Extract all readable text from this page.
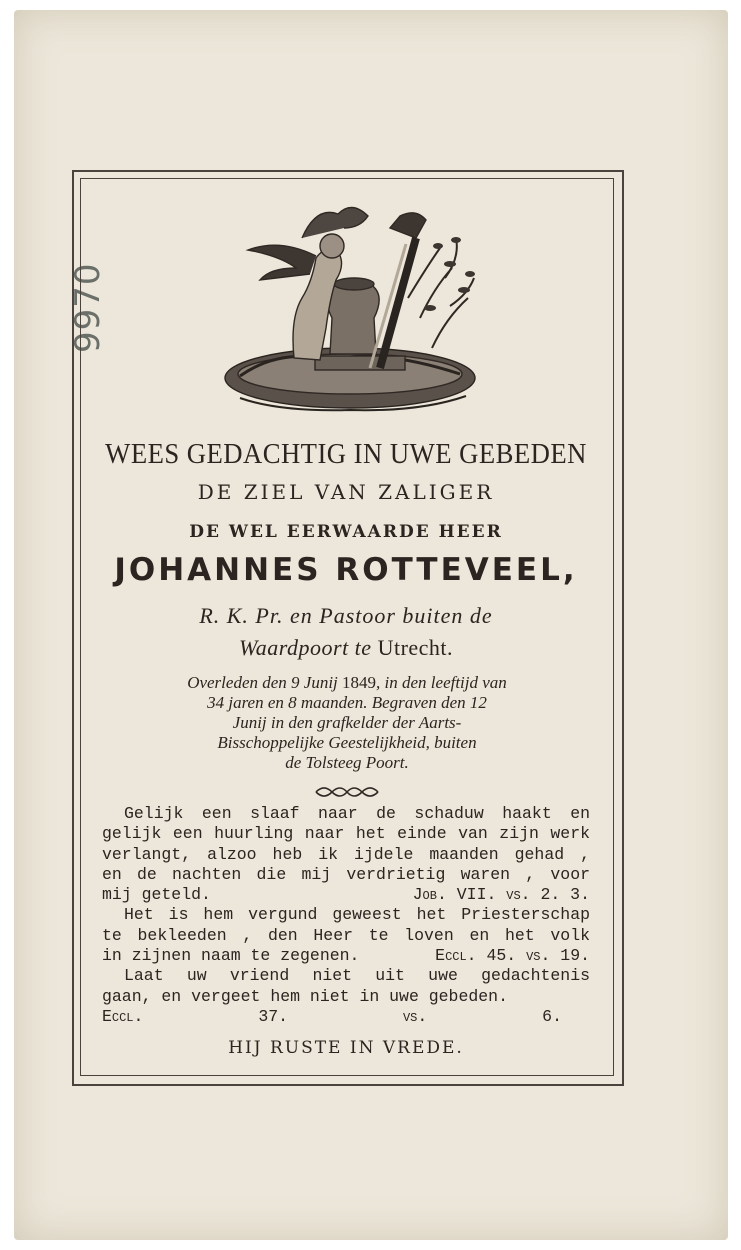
9970
WEES GEDACHTIG IN UWE GEBEDEN
DE ZIEL VAN ZALIGER
DE WEL EERWAARDE HEER
JOHANNES ROTTEVEEL,
R. K. Pr. en Pastoor buiten de
Waardpoort te Utrecht.
Overleden den 9 Junij 1849, in den leeftijd van
34 jaren en 8 maanden. Begraven den 12
Junij in den grafkelder der Aarts-
Bisschoppelijke Geestelijkheid, buiten
de Tolsteeg Poort.
Gelijk een slaaf naar de schaduw haakt en
gelijk een huurling naar het einde van zijn werk
verlangt, alzoo heb ik ijdele maanden gehad ,
en de nachten die mij verdrietig waren , voor
mij geteld.	Job. VII. vs. 2. 3.
Het is hem vergund geweest het Priesterschap
te bekleeden , den Heer te loven en het volk
in zijnen naam te zegenen.	Eccl. 45. vs. 19.
Laat uw vriend niet uit uwe gedachtenis
gaan, en vergeet hem niet in uwe gebeden.
Eccl. 37. vs. 6.
HIJ RUSTE IN VREDE.
